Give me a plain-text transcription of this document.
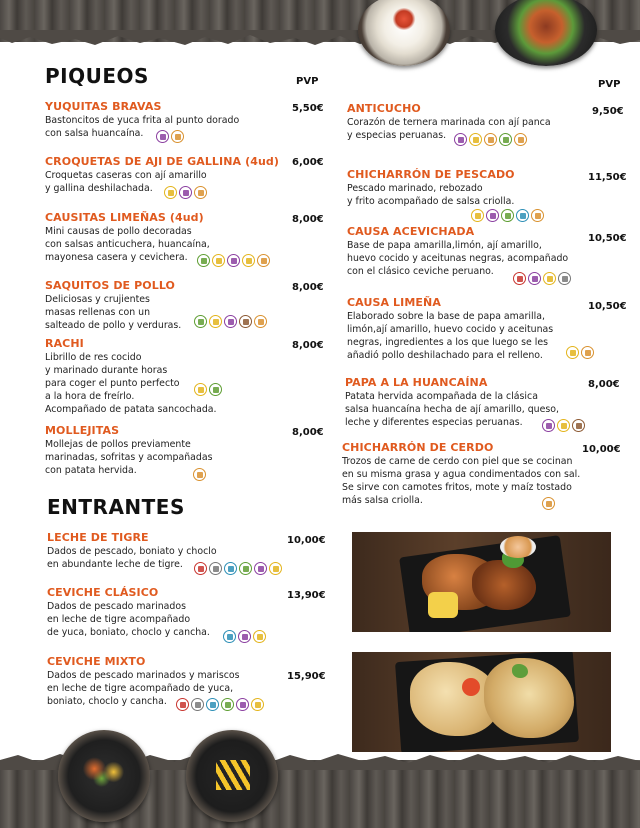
PIQUEOS	PVP	PVP
ENTRANTES
YUQUITAS BRAVAS
Bastoncitos de yuca frita al punto dorado
con salsa huancaína.
5,50€
CROQUETAS DE AJI DE GALLINA (4ud)
Croquetas caseras con ají amarillo
y gallina deshilachada.
6,00€
CAUSITAS LIMEÑAS (4ud)
Mini causas de pollo decoradas
con salsas anticuchera, huancaína,
mayonesa casera y cevichera.
8,00€
SAQUITOS DE POLLO
Deliciosas y crujientes
masas rellenas con un
salteado de pollo y verduras.
8,00€
RACHI
Librillo de res cocido
y marinado durante horas
para coger el punto perfecto
a la hora de freírlo.
Acompañado de patata sancochada.
8,00€
MOLLEJITAS
Mollejas de pollos previamente
marinadas, sofritas y acompañadas
con patata hervida.
8,00€
LECHE DE TIGRE
Dados de pescado, boniato y choclo
en abundante leche de tigre.
10,00€
CEVICHE CLÁSICO
Dados de pescado marinados
en leche de tigre acompañado
de yuca, boniato, choclo y cancha.
13,90€
CEVICHE MIXTO
Dados de pescado marinados y mariscos
en leche de tigre acompañado de yuca,
boniato, choclo y cancha.
15,90€
ANTICUCHO
Corazón de ternera marinada con ají panca
y especias peruanas.
9,50€
CHICHARRÓN DE PESCADO
Pescado marinado, rebozado
y frito acompañado de salsa criolla.
11,50€
CAUSA ACEVICHADA
Base de papa amarilla,limón, ají amarillo,
huevo cocido y aceitunas negras, acompañado
con el clásico ceviche peruano.
10,50€
CAUSA LIMEÑA
Elaborado sobre la base de papa amarilla,
limón,ají amarillo, huevo cocido y aceitunas
negras, ingredientes a los que luego se les
añadió pollo deshilachado para el relleno.
10,50€
PAPA A LA HUANCAÍNA
Patata hervida acompañada de la clásica
salsa huancaína hecha de ají amarillo, queso,
leche y diferentes especias peruanas.
8,00€
CHICHARRÓN DE CERDO
Trozos de carne de cerdo con piel que se cocinan
en su misma grasa y agua condimentados con sal.
Se sirve con camotes fritos, mote y maíz tostado
más salsa criolla.
10,00€
